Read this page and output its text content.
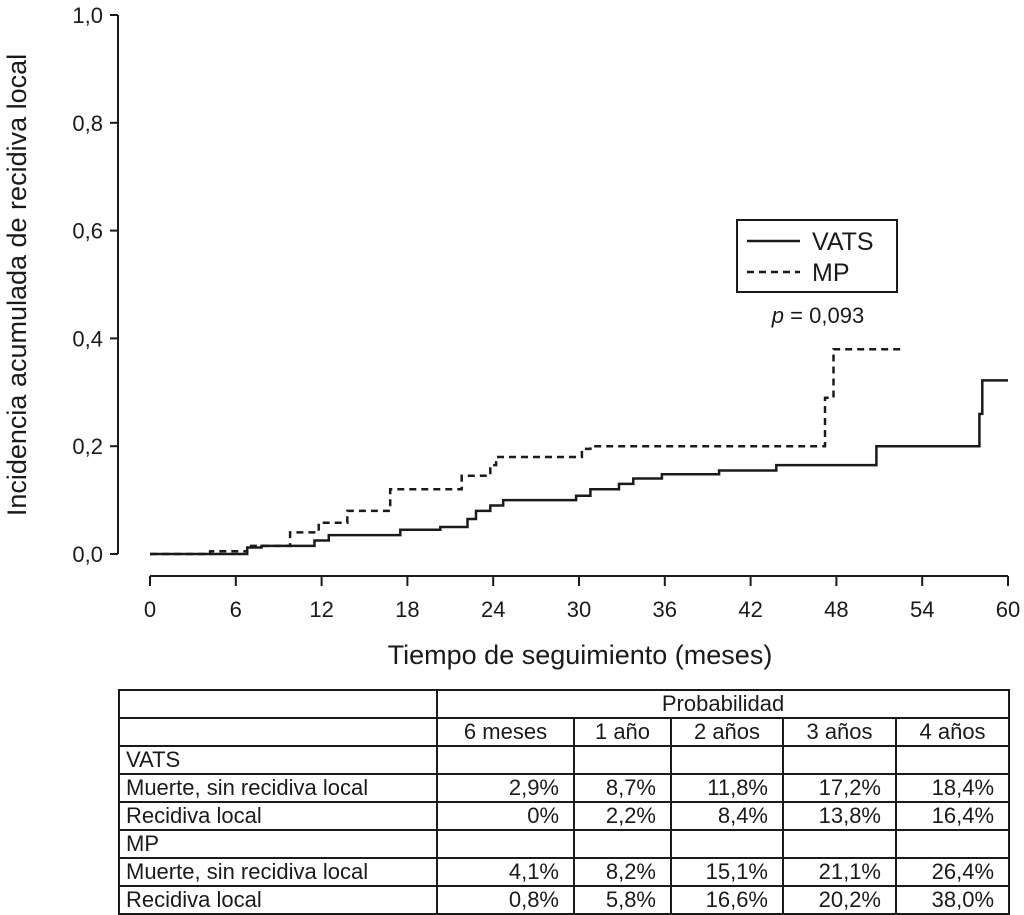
0,0
0,2
0,4
0,6
0,8
1,0
0	6	12	18	24	30	36	42	48	54	60
Incidencia acumulada de recidiva local
Tiempo de seguimiento (meses)
VATS
MP
p = 0,093
	Probabilidad				
	6 meses	1 año	2 años	3 años	4 años
VATS					
Muerte, sin recidiva local	2,9%	8,7%	11,8%	17,2%	18,4%
Recidiva local	0%	2,2%	8,4%	13,8%	16,4%
MP					
Muerte, sin recidiva local	4,1%	8,2%	15,1%	21,1%	26,4%
Recidiva local	0,8%	5,8%	16,6%	20,2%	38,0%
